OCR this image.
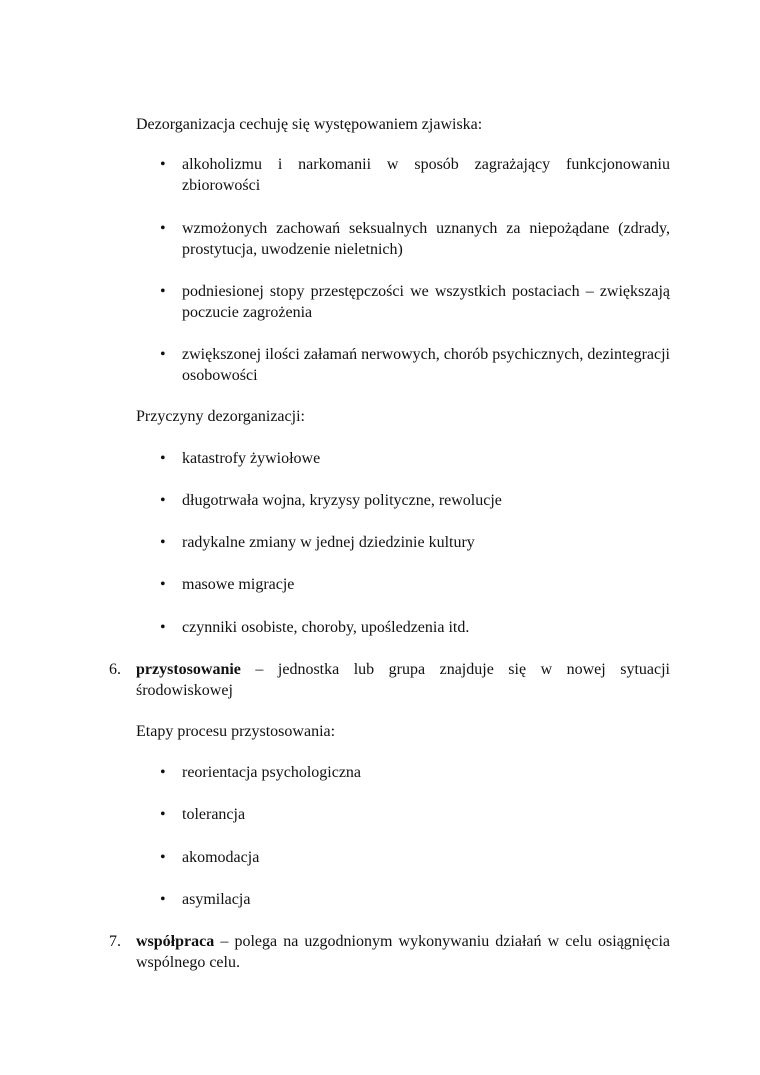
Dezorganizacja cechuję się występowaniem zjawiska:
• alkoholizmu i narkomanii w sposób zagrażający funkcjonowaniu zbiorowości
• wzmożonych zachowań seksualnych uznanych za niepożądane (zdrady, prostytucja, uwodzenie nieletnich)
• podniesionej stopy przestępczości we wszystkich postaciach – zwiększają poczucie zagrożenia
• zwiększonej ilości załamań nerwowych, chorób psychicznych, dezintegracji osobowości
Przyczyny dezorganizacji:
• katastrofy żywiołowe
• długotrwała wojna, kryzysy polityczne, rewolucje
• radykalne zmiany w jednej dziedzinie kultury
• masowe migracje
• czynniki osobiste, choroby, upośledzenia itd.
6. przystosowanie – jednostka lub grupa znajduje się w nowej sytuacji środowiskowej
Etapy procesu przystosowania:
• reorientacja psychologiczna
• tolerancja
• akomodacja
• asymilacja
7. współpraca – polega na uzgodnionym wykonywaniu działań w celu osiągnięcia wspólnego celu.
